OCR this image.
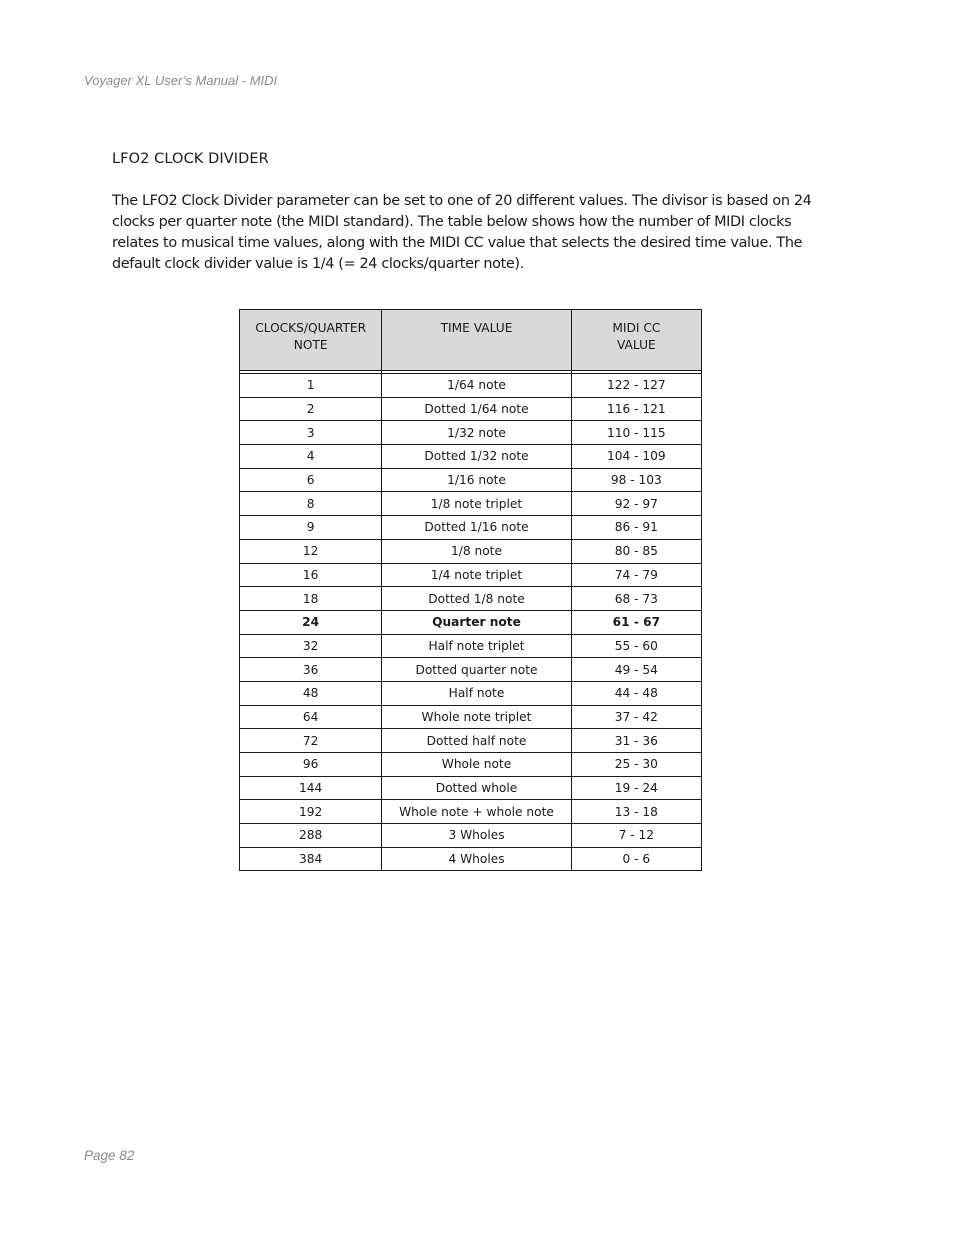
Voyager XL User’s Manual - MIDI
LFO2 CLOCK DIVIDER

The LFO2 Clock Divider parameter can be set to one of 20 different values. The divisor is based on 24 clocks per quarter note (the MIDI standard). The table below shows how the number of MIDI clocks relates to musical time values, along with the MIDI CC value that selects the desired time value. The default clock divider value is 1/4 (= 24 clocks/quarter note).

CLOCKS/QUARTER NOTE	TIME VALUE	MIDI CC VALUE

1	1/64 note	122 - 127
2	Dotted 1/64 note	116 - 121
3	1/32 note	110 - 115
4	Dotted 1/32 note	104 - 109
6	1/16 note	98 - 103
8	1/8 note triplet	92 - 97
9	Dotted 1/16 note	86 - 91
12	1/8 note	80 - 85
16	1/4 note triplet	74 - 79
18	Dotted 1/8 note	68 - 73
24	Quarter note	61 - 67
32	Half note triplet	55 - 60
36	Dotted quarter note	49 - 54
48	Half note	44 - 48
64	Whole note triplet	37 - 42
72	Dotted half note	31 - 36
96	Whole note	25 - 30
144	Dotted whole	19 - 24
192	Whole note + whole note	13 - 18
288	3 Wholes	7 - 12
384	4 Wholes	0 - 6
Page 82
